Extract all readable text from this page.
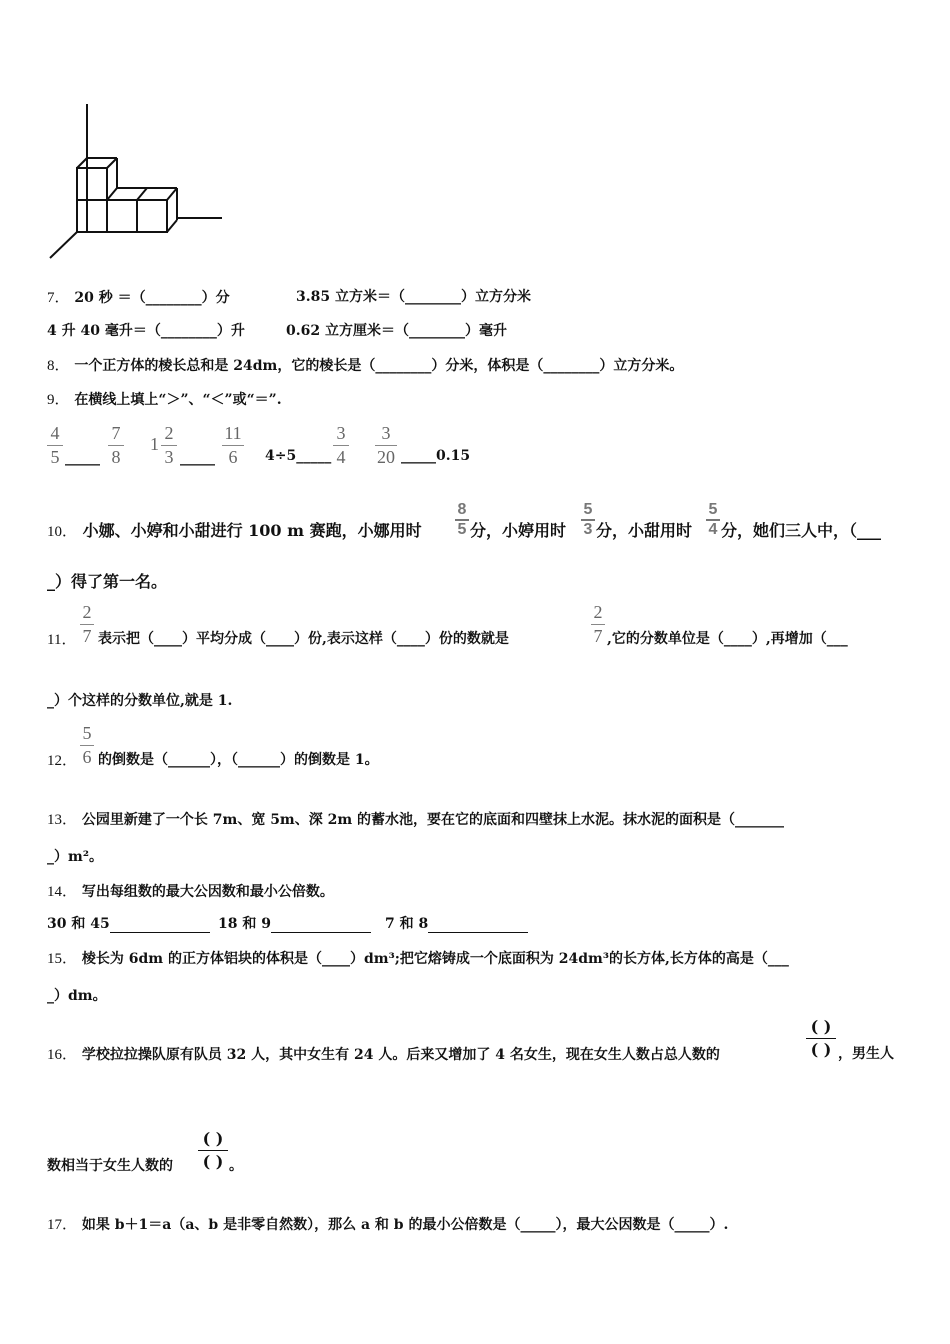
7． 20 秒 ＝（________）分	3.85 立方米＝（________）立方分米
4 升 40 毫升＝（________）升	0.62 立方厘米＝（________）毫升
8． 一个正方体的棱长总和是 24dm，它的棱长是（________）分米，体积是（________）立方分米。
9． 在横线上填上“＞”、“＜”或“＝”.
4
5 _____
7
8
1
2
3 _____
11
6	4÷5_____
3
4
3
20 _____0.15
10． 小娜、小婷和小甜进行 100 m 赛跑，小娜用时
8
5 分，小婷用时
5
3 分，小甜用时
5
4 分，她们三人中，（___
_）得了第一名。
11．
2
7 表示把（____）平均分成（____）份,表示这样（____）份的数就是
2
7 ,它的分数单位是（____）,再增加（___
_）个这样的分数单位,就是 1.
12．
5
6 的倒数是（______），（______）的倒数是 1。
13． 公园里新建了一个长 7m、宽 5m、深 2m 的蓄水池，要在它的底面和四壁抹上水泥。抹水泥的面积是（_______
_）m²。
14． 写出每组数的最大公因数和最小公倍数。
30 和 45	18 和 9	7 和 8
15． 棱长为 6dm 的正方体铝块的体积是（____）dm³;把它熔铸成一个底面积为 24dm³的长方体,长方体的高是（___
_）dm。
16． 学校拉拉操队原有队员 32 人，其中女生有 24 人。后来又增加了 4 名女生，现在女生人数占总人数的
( )
( ) ，男生人
数相当于女生人数的
( )
( ) 。
17． 如果 b＋1＝a（a、b 是非零自然数），那么 a 和 b 的最小公倍数是（_____），最大公因数是（_____）.
